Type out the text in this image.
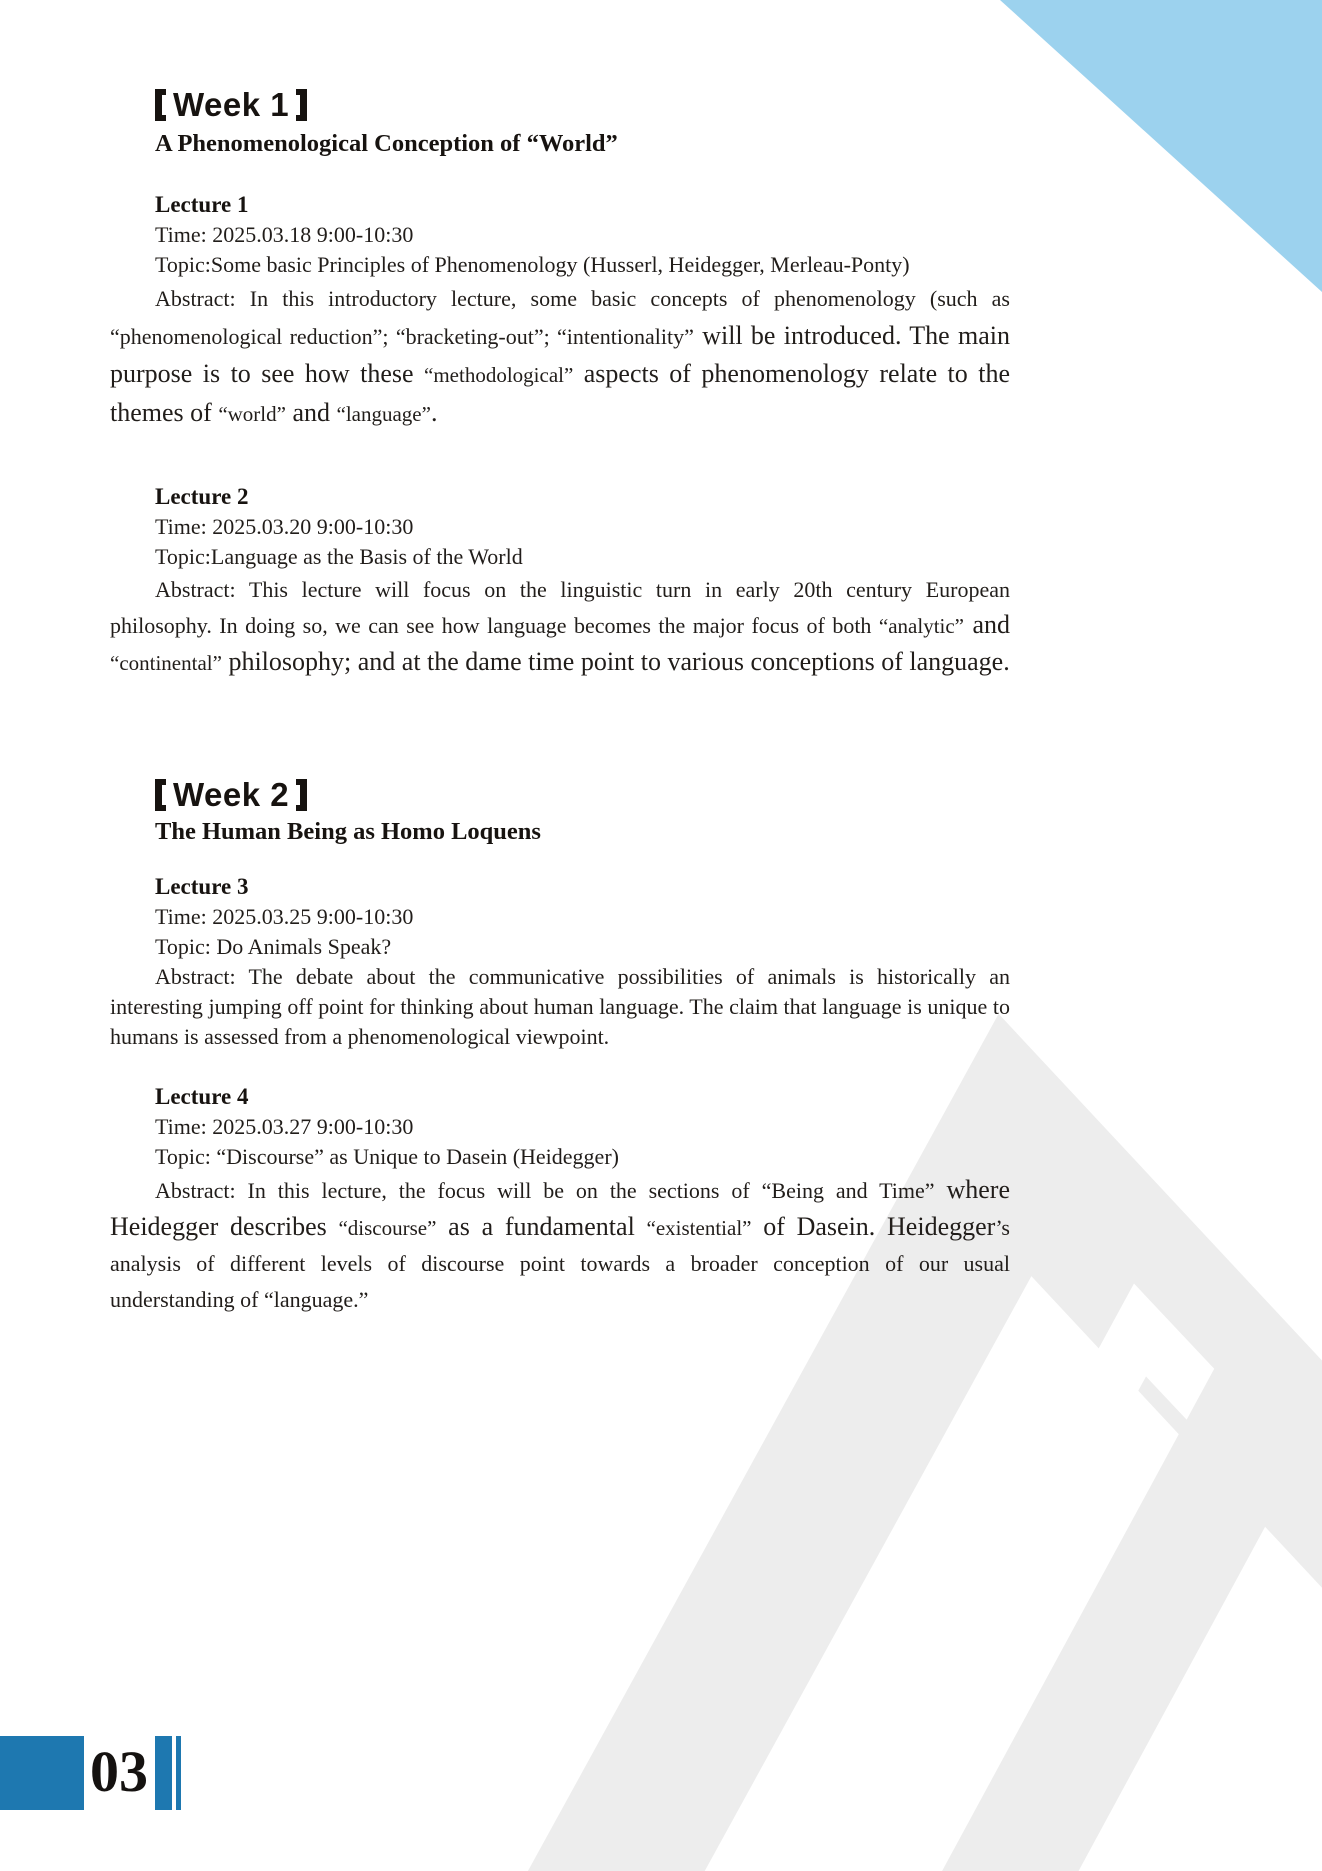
Week 1
A Phenomenological Conception of “World”
Lecture 1
Time: 2025.03.18 9:00-10:30

Topic:Some basic Principles of Phenomenology (Husserl, Heidegger, Merleau-Ponty)

Abstract: In this introductory lecture, some basic concepts of phenomenology (such as “phenomenological reduction”; “bracketing-out”; “intentionality” will be introduced. The main purpose is to see how these “methodological” aspects of phenomenology relate to the themes of “world” and “language”.

Lecture 2
Time: 2025.03.20 9:00-10:30

Topic:Language as the Basis of the World

Abstract: This lecture will focus on the linguistic turn in early 20th century European philosophy. In doing so, we can see how language becomes the major focus of both “analytic” and “continental” philosophy; and at the dame time point to various conceptions of language.

Week 2
The Human Being as Homo Loquens
Lecture 3
Time: 2025.03.25 9:00-10:30

Topic: Do Animals Speak?

Abstract: The debate about the communicative possibilities of animals is historically an interesting jumping off point for thinking about human language. The claim that language is unique to humans is assessed from a phenomenological viewpoint.

Lecture 4
Time: 2025.03.27 9:00-10:30

Topic: “Discourse” as Unique to Dasein (Heidegger)

Abstract: In this lecture, the focus will be on the sections of “Being and Time” where Heidegger describes “discourse” as a fundamental “existential” of Dasein. Heidegger’s analysis of different levels of discourse point towards a broader conception of our usual understanding of “language.”

03
